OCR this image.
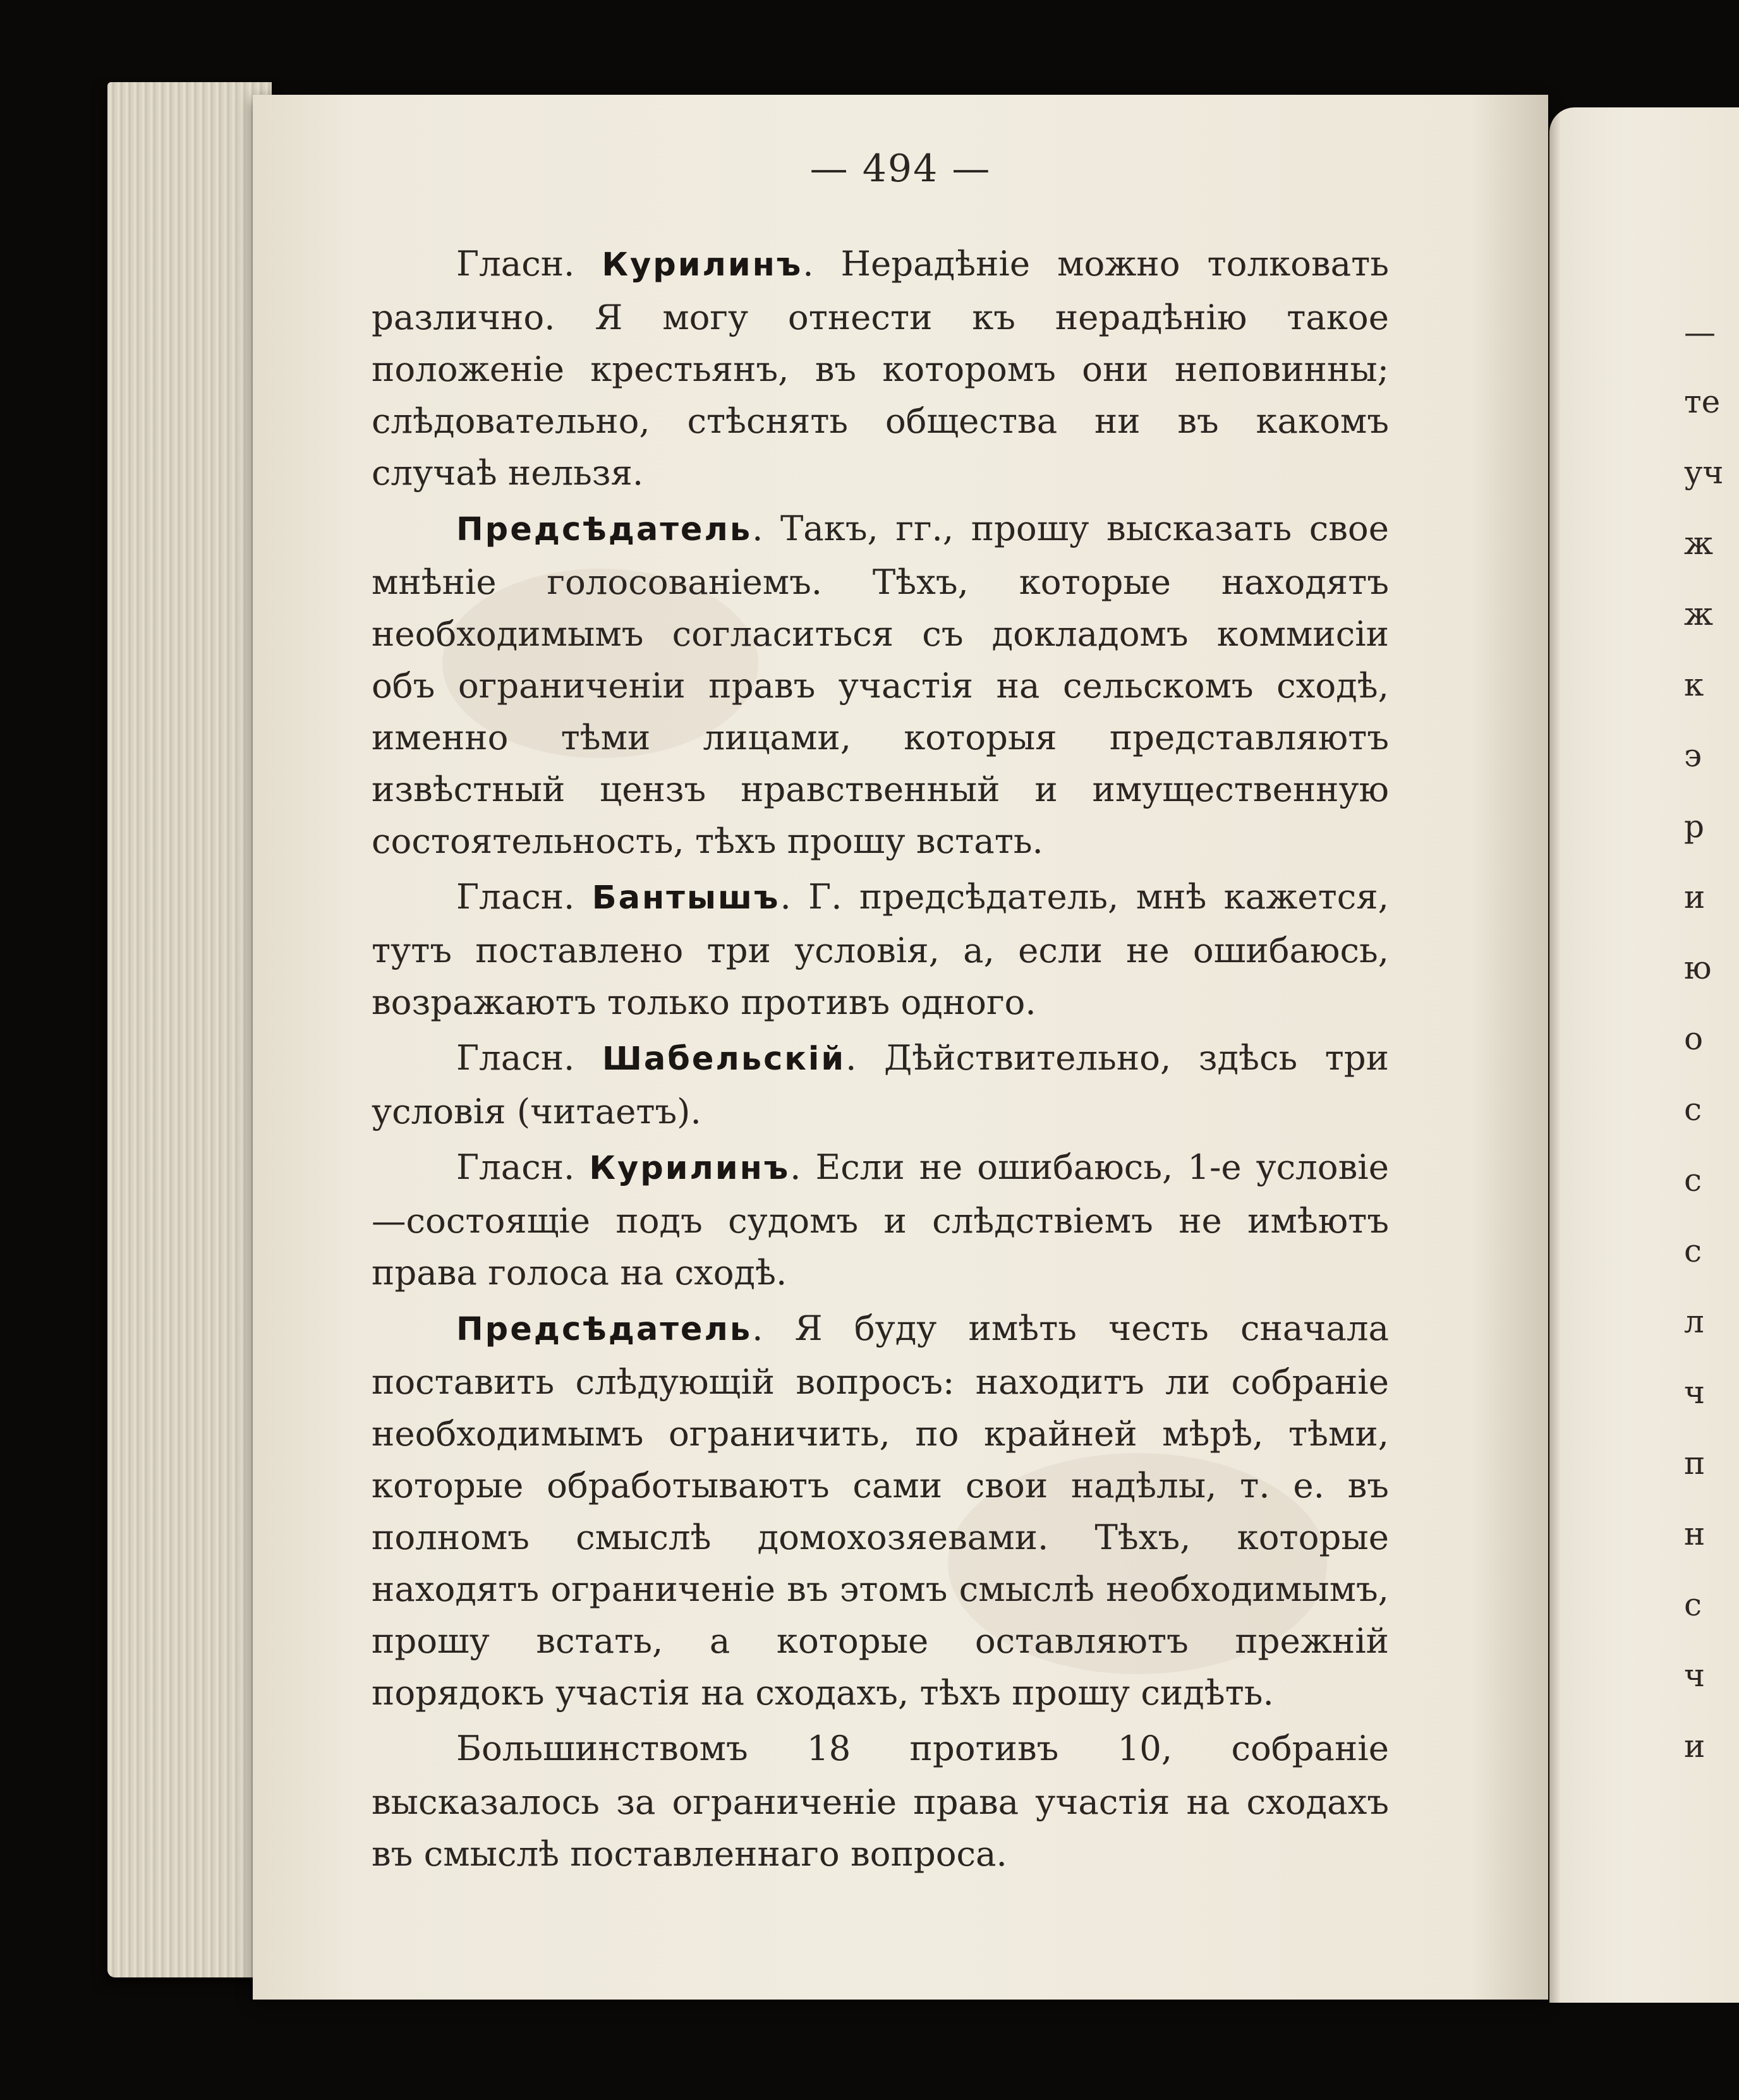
— 494 —

Гласн. Курилинъ. Нерадѣніе можно толковать различно. Я могу отнести къ нерадѣнію такое положеніе крестьянъ, въ которомъ они неповинны; слѣдовательно, стѣснять общества ни въ какомъ случаѣ нельзя.

Предсѣдатель. Такъ, гг., прошу высказать свое мнѣніе голосованіемъ. Тѣхъ, которые находятъ необходимымъ согласиться съ докладомъ коммисіи объ ограниченіи правъ участія на сельскомъ сходѣ, именно тѣми лицами, которыя представляютъ извѣстный цензъ нравственный и имущественную состоятельность, тѣхъ прошу встать.

Гласн. Бантышъ. Г. предсѣдатель, мнѣ кажется, тутъ поставлено три условія, а, если не ошибаюсь, возражаютъ только противъ одного.

Гласн. Шабельскій. Дѣйствительно, здѣсь три условія (читаетъ).

Гласн. Курилинъ. Если не ошибаюсь, 1-е условіе—состоящіе подъ судомъ и слѣдствіемъ не имѣютъ права голоса на сходѣ.

Предсѣдатель. Я буду имѣть честь сначала поставить слѣдующій вопросъ: находитъ ли собраніе необходимымъ ограничить, по крайней мѣрѣ, тѣми, которые обработываютъ сами свои надѣлы, т. е. въ полномъ смыслѣ домохозяевами. Тѣхъ, которые находятъ ограниченіе въ этомъ смыслѣ необходимымъ, прошу встать, а которые оставляютъ прежній порядокъ участія на сходахъ, тѣхъ прошу сидѣть.

Большинствомъ 18 противъ 10, собраніе высказалось за ограниченіе права участія на сходахъ въ смыслѣ поставленнаго вопроса.

—
те
уч
ж
ж
к
э
р
и
ю
о
с
с
с
л
ч
п
н
с
ч
и
